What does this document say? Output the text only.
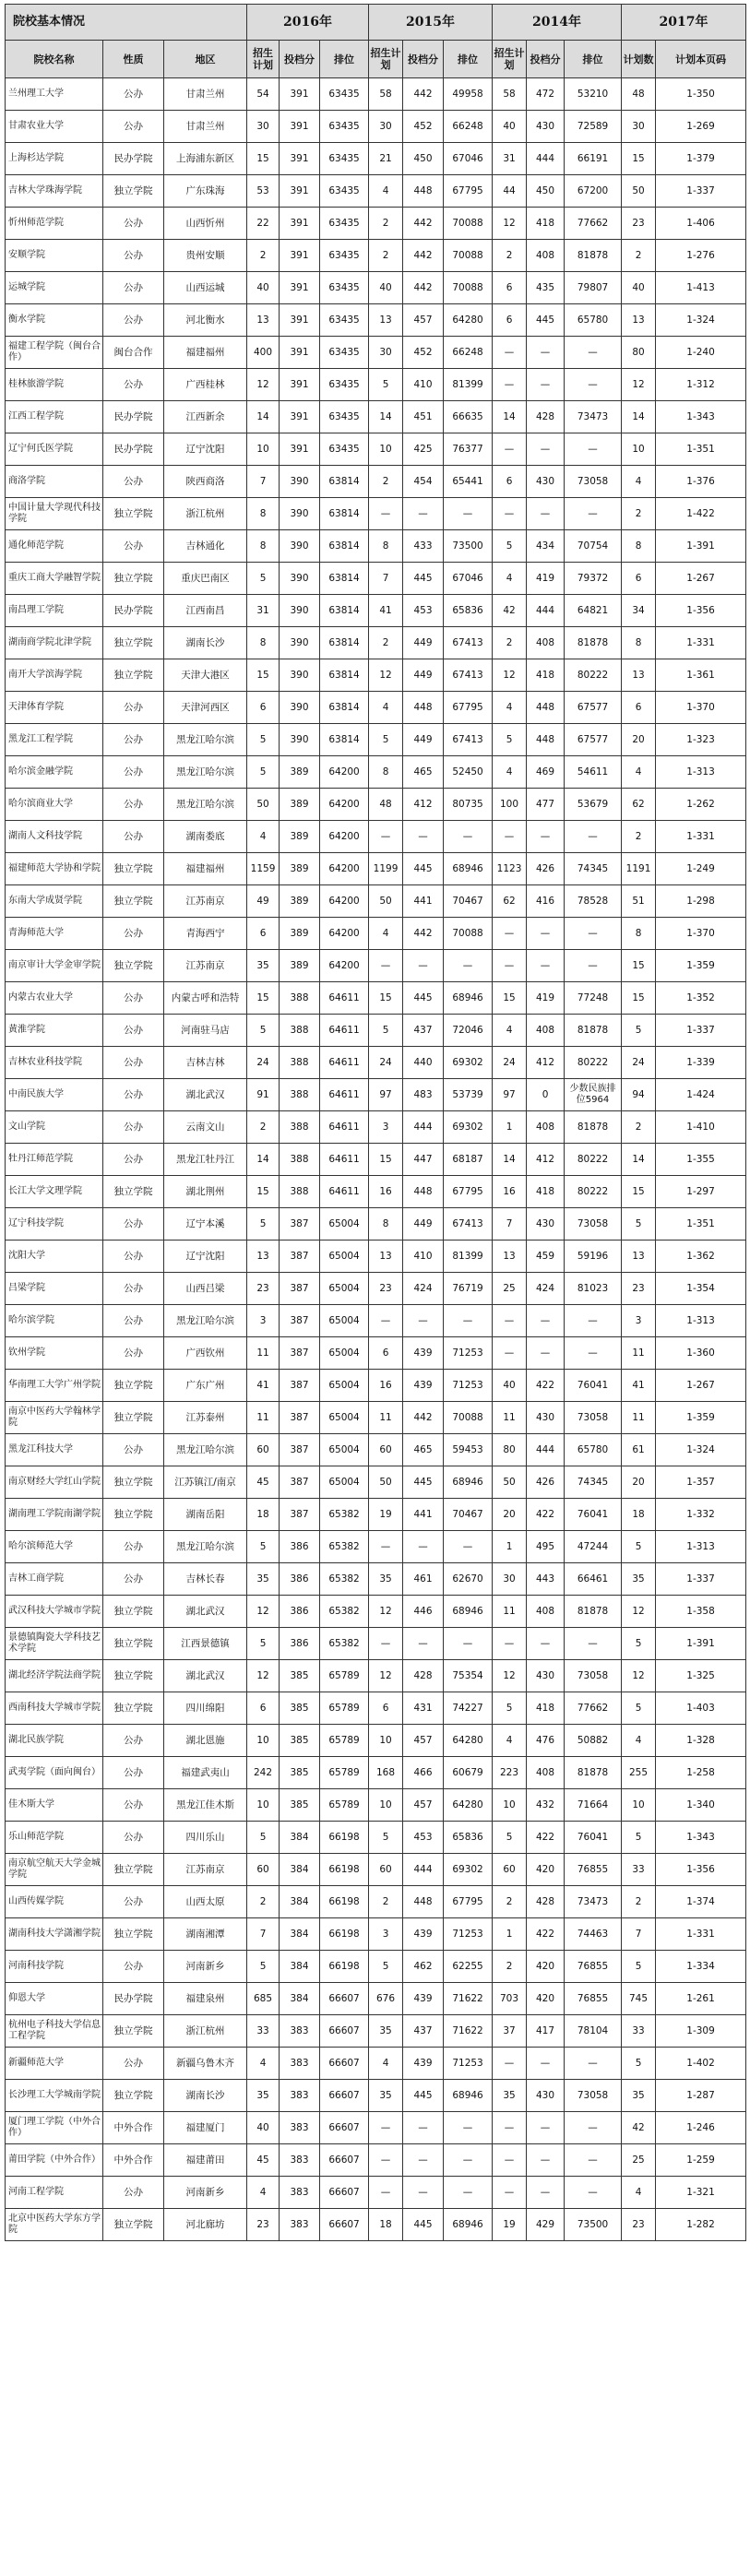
院校基本情况			2016年			2015年			2014年			2017年	
院校名称	性质	地区	招生计划	投档分	排位	招生计划	投档分	排位	招生计划	投档分	排位	计划数	计划本页码
兰州理工大学	公办	甘肃兰州	54	391	63435	58	442	49958	58	472	53210	48	1-350
甘肃农业大学	公办	甘肃兰州	30	391	63435	30	452	66248	40	430	72589	30	1-269
上海杉达学院	民办学院	上海浦东新区	15	391	63435	21	450	67046	31	444	66191	15	1-379
吉林大学珠海学院	独立学院	广东珠海	53	391	63435	4	448	67795	44	450	67200	50	1-337
忻州师范学院	公办	山西忻州	22	391	63435	2	442	70088	12	418	77662	23	1-406
安顺学院	公办	贵州安顺	2	391	63435	2	442	70088	2	408	81878	2	1-276
运城学院	公办	山西运城	40	391	63435	40	442	70088	6	435	79807	40	1-413
衡水学院	公办	河北衡水	13	391	63435	13	457	64280	6	445	65780	13	1-324
福建工程学院（闽台合作）	闽台合作	福建福州	400	391	63435	30	452	66248	—	—	—	80	1-240
桂林旅游学院	公办	广西桂林	12	391	63435	5	410	81399	—	—	—	12	1-312
江西工程学院	民办学院	江西新余	14	391	63435	14	451	66635	14	428	73473	14	1-343
辽宁何氏医学院	民办学院	辽宁沈阳	10	391	63435	10	425	76377	—	—	—	10	1-351
商洛学院	公办	陕西商洛	7	390	63814	2	454	65441	6	430	73058	4	1-376
中国计量大学现代科技学院	独立学院	浙江杭州	8	390	63814	—	—	—	—	—	—	2	1-422
通化师范学院	公办	吉林通化	8	390	63814	8	433	73500	5	434	70754	8	1-391
重庆工商大学融智学院	独立学院	重庆巴南区	5	390	63814	7	445	67046	4	419	79372	6	1-267
南昌理工学院	民办学院	江西南昌	31	390	63814	41	453	65836	42	444	64821	34	1-356
湖南商学院北津学院	独立学院	湖南长沙	8	390	63814	2	449	67413	2	408	81878	8	1-331
南开大学滨海学院	独立学院	天津大港区	15	390	63814	12	449	67413	12	418	80222	13	1-361
天津体育学院	公办	天津河西区	6	390	63814	4	448	67795	4	448	67577	6	1-370
黑龙江工程学院	公办	黑龙江哈尔滨	5	390	63814	5	449	67413	5	448	67577	20	1-323
哈尔滨金融学院	公办	黑龙江哈尔滨	5	389	64200	8	465	52450	4	469	54611	4	1-313
哈尔滨商业大学	公办	黑龙江哈尔滨	50	389	64200	48	412	80735	100	477	53679	62	1-262
湖南人文科技学院	公办	湖南娄底	4	389	64200	—	—	—	—	—	—	2	1-331
福建师范大学协和学院	独立学院	福建福州	1159	389	64200	1199	445	68946	1123	426	74345	1191	1-249
东南大学成贤学院	独立学院	江苏南京	49	389	64200	50	441	70467	62	416	78528	51	1-298
青海师范大学	公办	青海西宁	6	389	64200	4	442	70088	—	—	—	8	1-370
南京审计大学金审学院	独立学院	江苏南京	35	389	64200	—	—	—	—	—	—	15	1-359
内蒙古农业大学	公办	内蒙古呼和浩特	15	388	64611	15	445	68946	15	419	77248	15	1-352
黄淮学院	公办	河南驻马店	5	388	64611	5	437	72046	4	408	81878	5	1-337
吉林农业科技学院	公办	吉林吉林	24	388	64611	24	440	69302	24	412	80222	24	1-339
中南民族大学	公办	湖北武汉	91	388	64611	97	483	53739	97	0	少数民族排位5964	94	1-424
文山学院	公办	云南文山	2	388	64611	3	444	69302	1	408	81878	2	1-410
牡丹江师范学院	公办	黑龙江牡丹江	14	388	64611	15	447	68187	14	412	80222	14	1-355
长江大学文理学院	独立学院	湖北荆州	15	388	64611	16	448	67795	16	418	80222	15	1-297
辽宁科技学院	公办	辽宁本溪	5	387	65004	8	449	67413	7	430	73058	5	1-351
沈阳大学	公办	辽宁沈阳	13	387	65004	13	410	81399	13	459	59196	13	1-362
吕梁学院	公办	山西吕梁	23	387	65004	23	424	76719	25	424	81023	23	1-354
哈尔滨学院	公办	黑龙江哈尔滨	3	387	65004	—	—	—	—	—	—	3	1-313
钦州学院	公办	广西钦州	11	387	65004	6	439	71253	—	—	—	11	1-360
华南理工大学广州学院	独立学院	广东广州	41	387	65004	16	439	71253	40	422	76041	41	1-267
南京中医药大学翰林学院	独立学院	江苏泰州	11	387	65004	11	442	70088	11	430	73058	11	1-359
黑龙江科技大学	公办	黑龙江哈尔滨	60	387	65004	60	465	59453	80	444	65780	61	1-324
南京财经大学红山学院	独立学院	江苏镇江/南京	45	387	65004	50	445	68946	50	426	74345	20	1-357
湖南理工学院南湖学院	独立学院	湖南岳阳	18	387	65382	19	441	70467	20	422	76041	18	1-332
哈尔滨师范大学	公办	黑龙江哈尔滨	5	386	65382	—	—	—	1	495	47244	5	1-313
吉林工商学院	公办	吉林长春	35	386	65382	35	461	62670	30	443	66461	35	1-337
武汉科技大学城市学院	独立学院	湖北武汉	12	386	65382	12	446	68946	11	408	81878	12	1-358
景德镇陶瓷大学科技艺术学院	独立学院	江西景德镇	5	386	65382	—	—	—	—	—	—	5	1-391
湖北经济学院法商学院	独立学院	湖北武汉	12	385	65789	12	428	75354	12	430	73058	12	1-325
西南科技大学城市学院	独立学院	四川绵阳	6	385	65789	6	431	74227	5	418	77662	5	1-403
湖北民族学院	公办	湖北恩施	10	385	65789	10	457	64280	4	476	50882	4	1-328
武夷学院（面向闽台）	公办	福建武夷山	242	385	65789	168	466	60679	223	408	81878	255	1-258
佳木斯大学	公办	黑龙江佳木斯	10	385	65789	10	457	64280	10	432	71664	10	1-340
乐山师范学院	公办	四川乐山	5	384	66198	5	453	65836	5	422	76041	5	1-343
南京航空航天大学金城学院	独立学院	江苏南京	60	384	66198	60	444	69302	60	420	76855	33	1-356
山西传媒学院	公办	山西太原	2	384	66198	2	448	67795	2	428	73473	2	1-374
湖南科技大学潇湘学院	独立学院	湖南湘潭	7	384	66198	3	439	71253	1	422	74463	7	1-331
河南科技学院	公办	河南新乡	5	384	66198	5	462	62255	2	420	76855	5	1-334
仰恩大学	民办学院	福建泉州	685	384	66607	676	439	71622	703	420	76855	745	1-261
杭州电子科技大学信息工程学院	独立学院	浙江杭州	33	383	66607	35	437	71622	37	417	78104	33	1-309
新疆师范大学	公办	新疆乌鲁木齐	4	383	66607	4	439	71253	—	—	—	5	1-402
长沙理工大学城南学院	独立学院	湖南长沙	35	383	66607	35	445	68946	35	430	73058	35	1-287
厦门理工学院（中外合作）	中外合作	福建厦门	40	383	66607	—	—	—	—	—	—	42	1-246
莆田学院（中外合作）	中外合作	福建莆田	45	383	66607	—	—	—	—	—	—	25	1-259
河南工程学院	公办	河南新乡	4	383	66607	—	—	—	—	—	—	4	1-321
北京中医药大学东方学院	独立学院	河北廊坊	23	383	66607	18	445	68946	19	429	73500	23	1-282
